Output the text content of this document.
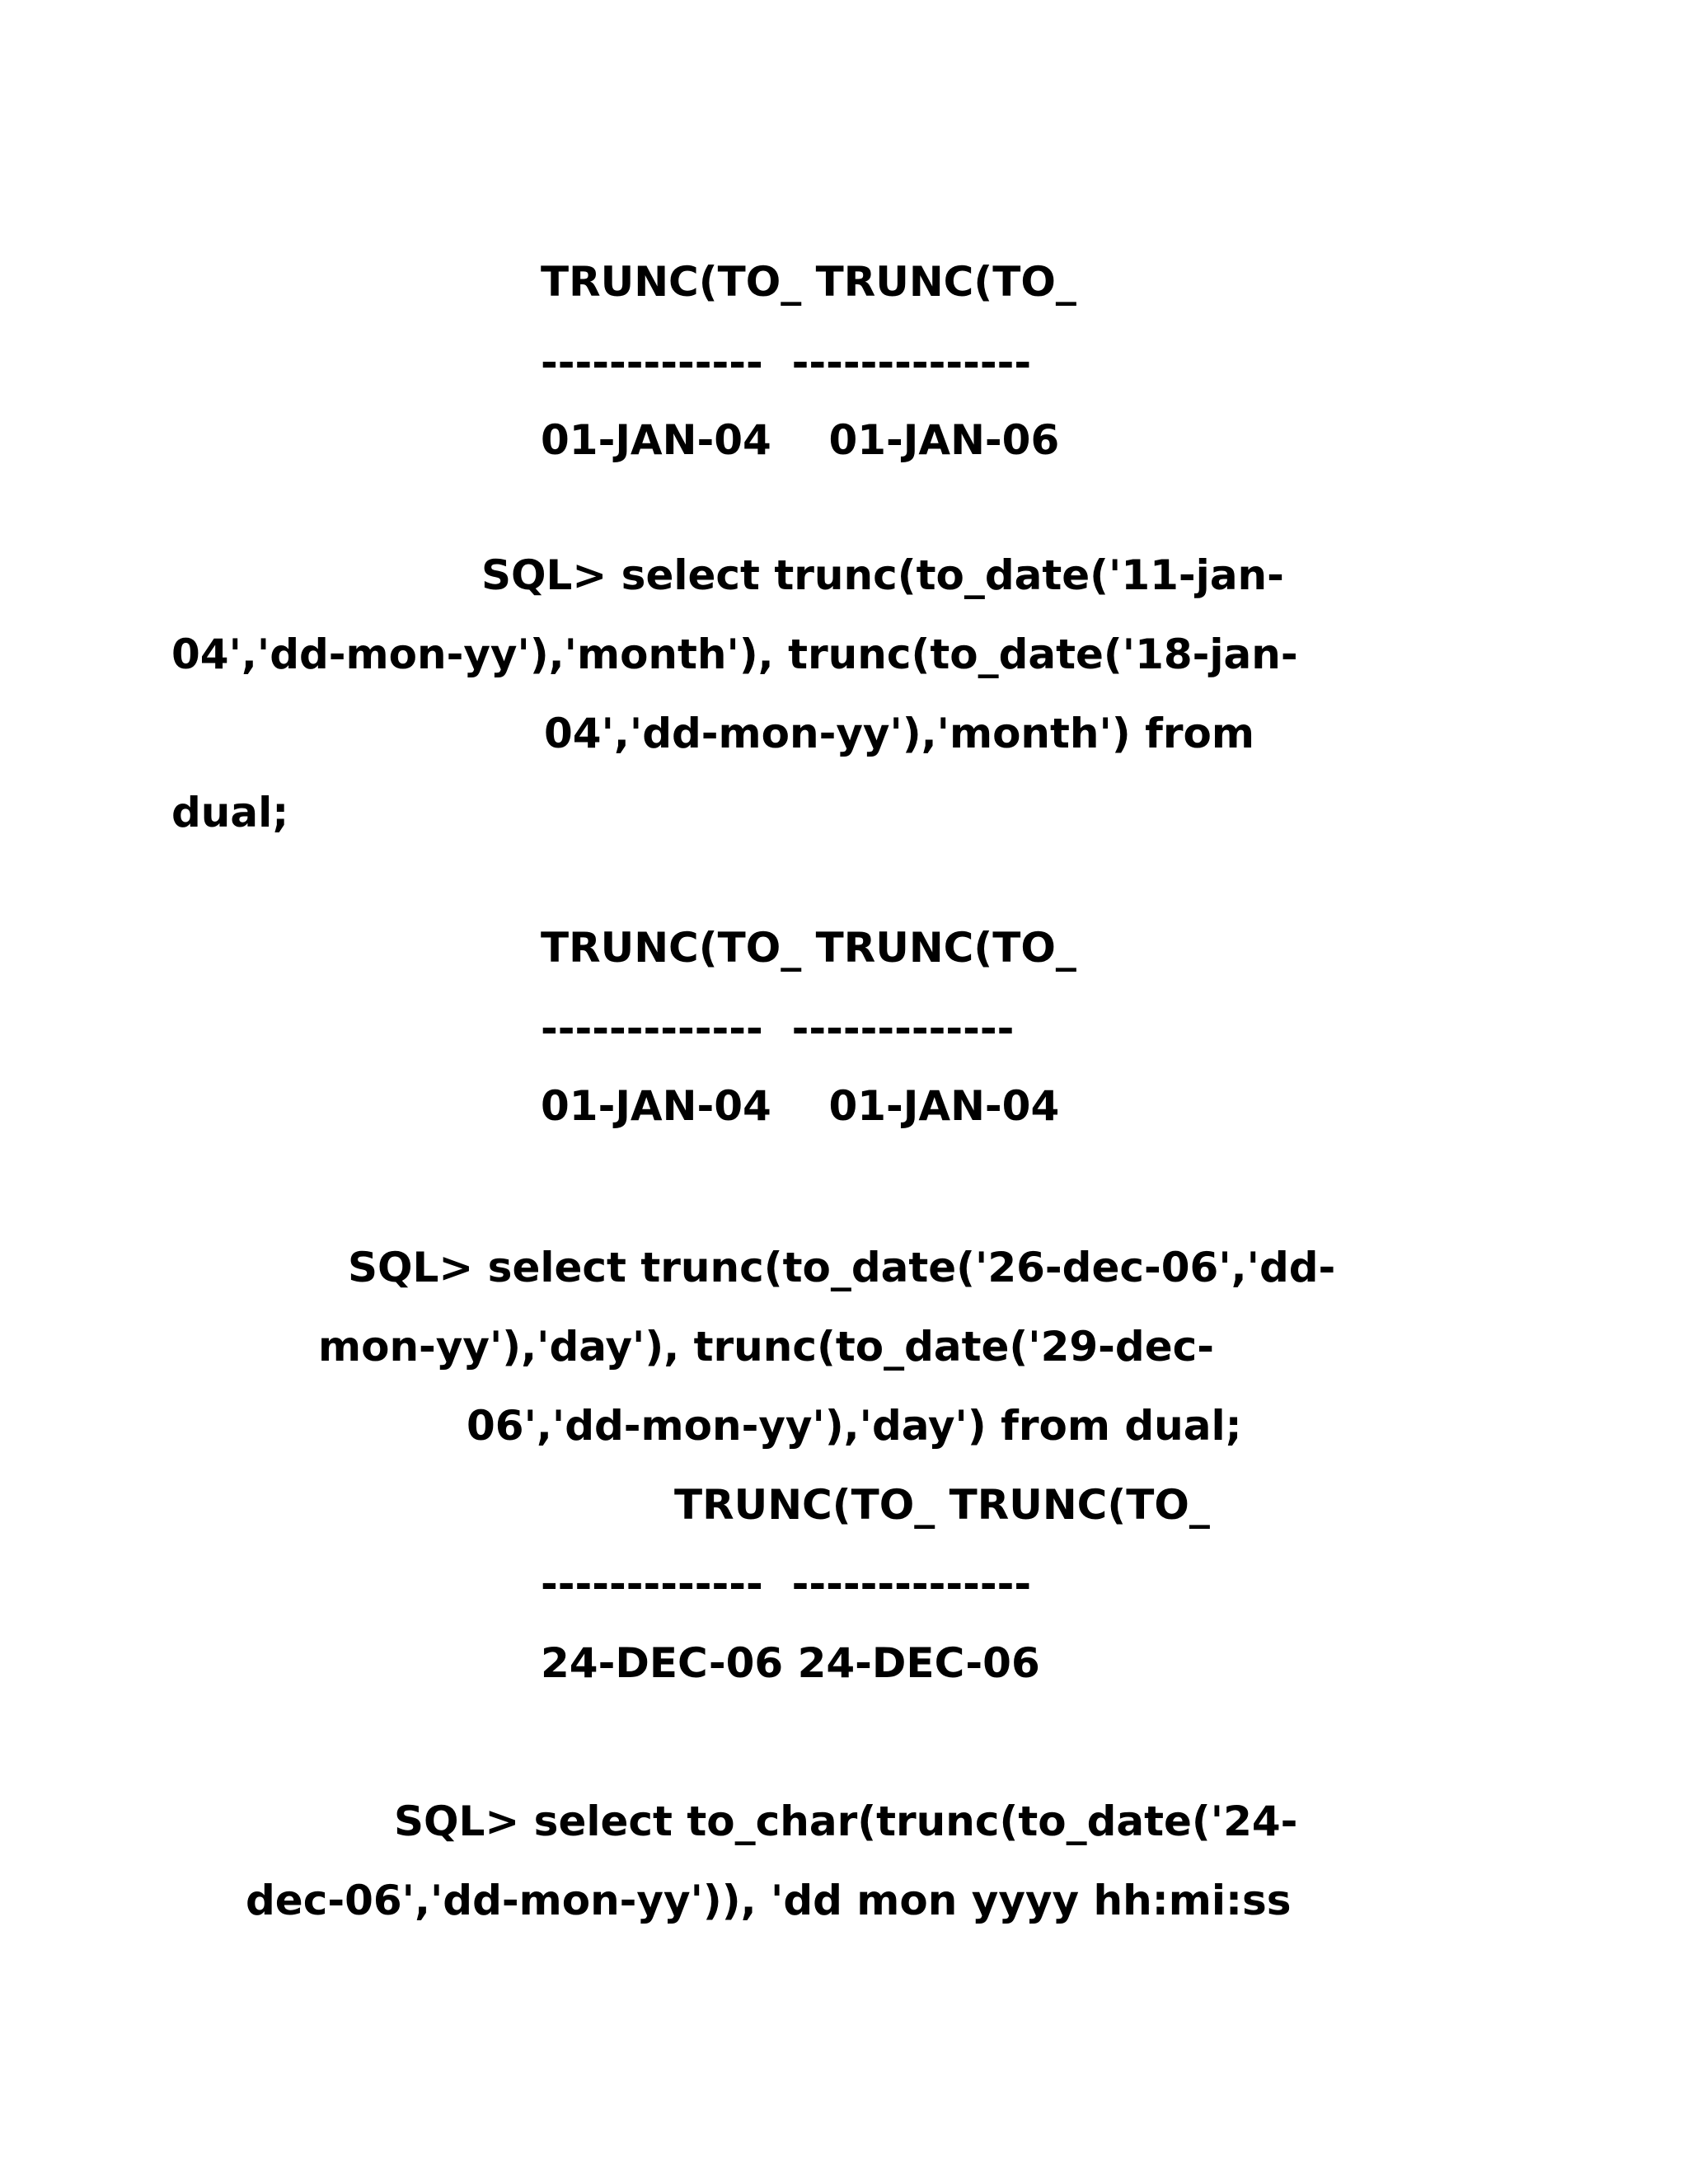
TRUNC(TO_ TRUNC(TO_

-------------  --------------

01-JAN-04    01-JAN-06

SQL> select trunc(to_date('11-jan-

04','dd-mon-yy'),'month'), trunc(to_date('18-jan-

04','dd-mon-yy'),'month') from

dual;

TRUNC(TO_ TRUNC(TO_

-------------  -------------

01-JAN-04    01-JAN-04

SQL> select trunc(to_date('26-dec-06','dd-

mon-yy'),'day'), trunc(to_date('29-dec-

06','dd-mon-yy'),'day') from dual;

TRUNC(TO_ TRUNC(TO_

-------------  --------------

24-DEC-06 24-DEC-06

SQL> select to_char(trunc(to_date('24-

dec-06','dd-mon-yy')), 'dd mon yyyy hh:mi:ss
